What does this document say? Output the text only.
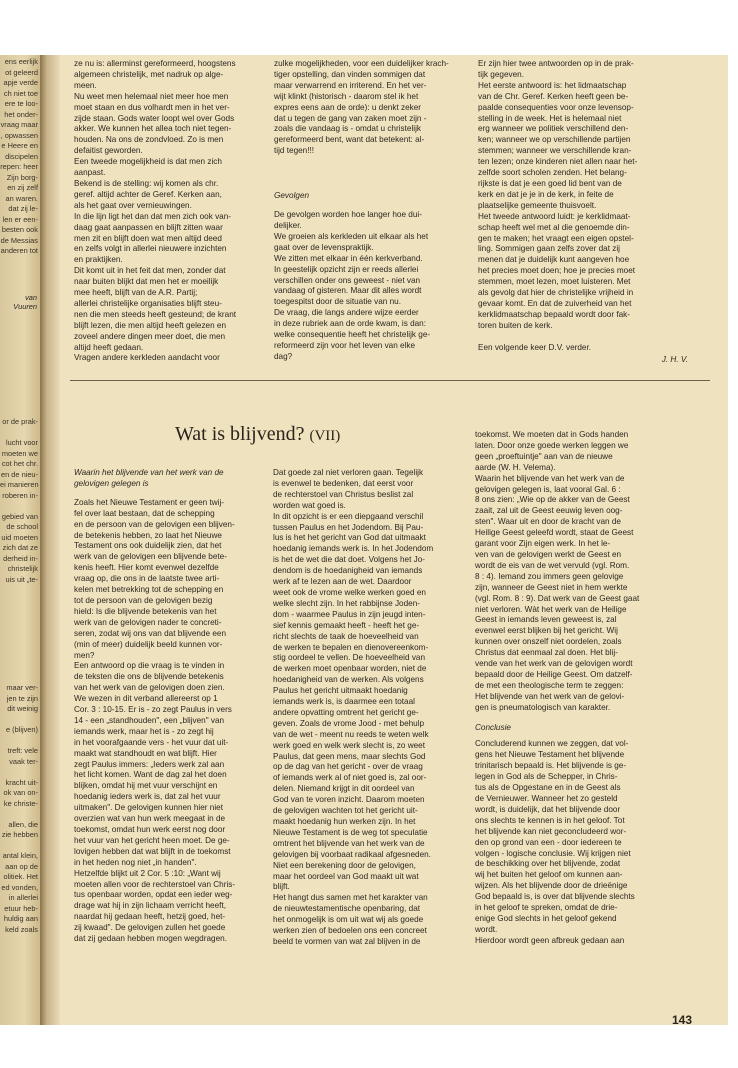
ens eerlijk
ot geleerd
apje verde
ch niet toe
ere te loo-
het onder-
vraag maar
, opwassen
e Heere en
discipelen
repen: heer
Zijn borg-
en zij zelf
an waren.
dat zij le-
len er een-
besten ook
de Messias
anderen tot
van Vuuren
or de prak-

lucht voor
moeten we
cot het chr.
en de nieu-
ei manieren
roberen in-

gebied van
de school
uid moeten
zich dat ze
derheid in-
christelijk
uis uit „te-
maar ver-
jen te zijn
dit weinig

e (blijven)

treft: vele
vaak ter-

kracht uit-
ok van on-
ke christe-

allen, die
zie hebben

antal klein,
aan op de
olitiek. Het
ed vonden,
in allerlei
etuur heb-
huldig aan
keld zoals
ze nu is: allerminst gereformeerd, hoogstens
algemeen christelijk, met nadruk op alge-
meen.
Nu weet men helemaal niet meer hoe men
moet staan en dus volhardt men in het ver-
zijde staan. Gods water loopt wel over Gods
akker. We kunnen het allea toch niet tegen-
houden. Na ons de zondvloed. Zo is men
defaitist geworden.
Een tweede mogelijkheid is dat men zich
aanpast.
Bekend is de stelling: wij komen als chr.
geref. altijd achter de Geref. Kerken aan,
als het gaat over vernieuwingen.
In die lijn ligt het dan dat men zich ook van-
daag gaat aanpassen en blijft zitten waar
men zit en blijft doen wat men altijd deed
en zelfs volgt in allerlei nieuwere inzichten
en praktijken.
Dit komt uit in het feit dat men, zonder dat
naar buiten blijkt dat men het er moeilijk
mee heeft, blijft van de A.R. Partij;
allerlei christelijke organisaties blijft steu-
nen die men steeds heeft gesteund; de krant
blijft lezen, die men altijd heeft gelezen en
zoveel andere dingen meer doet, die men
altijd heeft gedaan.
Vragen andere kerkleden aandacht voor
zulke mogelijkheden, voor een duidelijker krach-
tiger opstelling, dan vinden sommigen dat
maar verwarrend en irriterend. En het ver-
wijt klinkt (historisch - daarom stel ik het
expres eens aan de orde): u denkt zeker
dat u tegen de gang van zaken moet zijn -
zoals die vandaag is - omdat u christelijk
gereformeerd bent, want dat betekent: al-
tijd tegen!!!
Gevolgen
De gevolgen worden hoe langer hoe dui-
delijker.
We groeien als kerkleden uit elkaar als het
gaat over de levenspraktijk.
We zitten met elkaar in één kerkverband.
In geestelijk opzicht zijn er reeds allerlei
verschillen onder ons geweest - niet van
vandaag of gisteren. Maar dit alles wordt
toegespitst door de situatie van nu.
De vraag, die langs andere wijze eerder
in deze rubriek aan de orde kwam, is dan:
welke consequentie heeft het christelijk ge-
reformeerd zijn voor het leven van elke
dag?
Er zijn hier twee antwoorden op in de prak-
tijk gegeven.
Het eerste antwoord is: het lidmaatschap
van de Chr. Geref. Kerken heeft geen be-
paalde consequenties voor onze levensop-
stelling in de week. Het is helemaal niet
erg wanneer we politiek verschillend den-
ken; wanneer we op verschillende partijen
stemmen; wanneer we verschillende kran-
ten lezen; onze kinderen niet allen naar het-
zelfde soort scholen zenden. Het belang-
rijkste is dat je een goed lid bent van de
kerk en dat je je in de kerk, in feite de
plaatselijke gemeente thuisvoelt.
Het tweede antwoord luidt: je kerklidmaat-
schap heeft wel met al die genoemde din-
gen te maken; het vraagt een eigen opstel-
ling. Sommigen gaan zelfs zover dat zij
menen dat je duidelijk kunt aangeven hoe
het precies moet doen; hoe je precies moet
stemmen, moet lezen, moet luisteren. Met
als gevolg dat hier de christelijke vrijheid in
gevaar komt. En dat de zuiverheid van het
kerklidmaatschap bepaald wordt door fak-
toren buiten de kerk.

Een volgende keer D.V. verder.
J. H. V.
Wat is blijvend? (VII)
Waarin het blijvende van het werk van de
gelovigen gelegen is
Zoals het Nieuwe Testament er geen twij-
fel over laat bestaan, dat de schepping
en de persoon van de gelovigen een blijven-
de betekenis hebben, zo laat het Nieuwe
Testament ons ook duidelijk zien, dat het
werk van de gelovigen een blijvende bete-
kenis heeft. Hier komt evenwel dezelfde
vraag op, die ons in de laatste twee arti-
kelen met betrekking tot de schepping en
tot de persoon van de gelovigen bezig
hield: Is die blijvende betekenis van het
werk van de gelovigen nader te concreti-
seren, zodat wij ons van dat blijvende een
(min of meer) duidelijk beeld kunnen vor-
men?
Een antwoord op die vraag is te vinden in
de teksten die ons de blijvende betekenis
van het werk van de gelovigen doen zien.
We wezen in dit verband allereerst op 1
Cor. 3 : 10-15. Er is - zo zegt Paulus in vers
14 - een „standhouden", een „blijven" van
iemands werk, maar het is - zo zegt hij
in het voorafgaande vers - het vuur dat uit-
maakt wat standhoudt en wat blijft. Hier
zegt Paulus immers: „Ieders werk zal aan
het licht komen. Want de dag zal het doen
blijken, omdat hij met vuur verschijnt en
hoedanig ieders werk is, dat zal het vuur
uitmaken". De gelovigen kunnen hier niet
overzien wat van hun werk meegaat in de
toekomst, omdat hun werk eerst nog door
het vuur van het gericht heen moet. De ge-
lovigen hebben dat wat blijft in de toekomst
in het heden nog niet „in handen".
Hetzelfde blijkt uit 2 Cor. 5 :10: „Want wij
moeten allen voor de rechterstoel van Chris-
tus openbaar worden, opdat een ieder weg-
drage wat hij in zijn lichaam verricht heeft,
naardat hij gedaan heeft, hetzij goed, het-
zij kwaad". De gelovigen zullen het goede
dat zij gedaan hebben mogen wegdragen.
Dat goede zal niet verloren gaan. Tegelijk
is evenwel te bedenken, dat eerst voor
de rechterstoel van Christus beslist zal
worden wat goed is.
In dit opzicht is er een diepgaand verschil
tussen Paulus en het Jodendom. Bij Pau-
lus is het het gericht van God dat uitmaakt
hoedanig iemands werk is. In het Jodendom
is het de wet die dat doet. Volgens het Jo-
dendom is de hoedanigheid van iemands
werk af te lezen aan de wet. Daardoor
weet ook de vrome welke werken goed en
welke slecht zijn. In het rabbijnse Joden-
dom - waarmee Paulus in zijn jeugd inten-
sief kennis gemaakt heeft - heeft het ge-
richt slechts de taak de hoeveelheid van
de werken te bepalen en dienovereenkom-
stig oordeel te vellen. De hoeveelheid van
de werken moet openbaar worden, niet de
hoedanigheid van de werken. Als volgens
Paulus het gericht uitmaakt hoedanig
iemands werk is, is daarmee een totaal
andere opvatting omtrent het gericht ge-
geven. Zoals de vrome Jood - met behulp
van de wet - meent nu reeds te weten welk
werk goed en welk werk slecht is, zo weet
Paulus, dat geen mens, maar slechts God
op de dag van het gericht - over de vraag
of iemands werk al of niet goed is, zal oor-
delen. Niemand krijgt in dit oordeel van
God van te voren inzicht. Daarom moeten
de gelovigen wachten tot het gericht uit-
maakt hoedanig hun werken zijn. In het
Nieuwe Testament is de weg tot speculatie
omtrent het blijvende van het werk van de
gelovigen bij voorbaat radikaal afgesneden.
Niet een berekening door de gelovigen,
maar het oordeel van God maakt uit wat
blijft.
Het hangt dus samen met het karakter van
de nieuwtestamentische openbaring, dat
het onmogelijk is om uit wat wij als goede
werken zien of bedoelen ons een concreet
beeld te vormen van wat zal blijven in de
toekomst. We moeten dat in Gods handen
laten. Door onze goede werken leggen we
geen „proeftuintje" aan van de nieuwe
aarde (W. H. Velema).
Waarin het blijvende van het werk van de
gelovigen gelegen is, laat vooral Gal. 6 :
8 ons zien: „Wie op de akker van de Geest
zaait, zal uit de Geest eeuwig leven oog-
sten". Waar uit en door de kracht van de
Heilige Geest geleefd wordt, staat de Geest
garant voor Zijn eigen werk. In het le-
ven van de gelovigen werkt de Geest en
wordt de eis van de wet vervuld (vgl. Rom.
8 : 4). Iemand zou immers geen gelovige
zijn, wanneer de Geest niet in hem werkte
(vgl. Rom. 8 : 9). Dat werk van de Geest gaat
niet verloren. Wàt het werk van de Heilige
Geest in iemands leven geweest is, zal
evenwel eerst blijken bij het gericht. Wij
kunnen over onszelf niet oordelen, zoals
Christus dat eenmaal zal doen. Het blij-
vende van het werk van de gelovigen wordt
bepaald door de Heilige Geest. Om datzelf-
de met een theologische term te zeggen:
Het blijvende van het werk van de gelovi-
gen is pneumatologisch van karakter.
Conclusie
Concluderend kunnen we zeggen, dat vol-
gens het Nieuwe Testament het blijvende
trinitarisch bepaald is. Het blijvende is ge-
legen in God als de Schepper, in Chris-
tus als de Opgestane en in de Geest als
de Vernieuwer. Wanneer het zo gesteld
wordt, is duidelijk, dat het blijvende door
ons slechts te kennen is in het geloof. Tot
het blijvende kan niet geconcludeerd wor-
den op grond van een - door iedereen te
volgen - logische conclusie. Wij krijgen niet
de beschikking over het blijvende, zodat
wij het buiten het geloof om kunnen aan-
wijzen. Als het blijvende door de drieënige
God bepaald is, is over dat blijvende slechts
in het geloof te spreken, omdat de drie-
enige God slechts in het geloof gekend
wordt.
Hierdoor wordt geen afbreuk gedaan aan
143
